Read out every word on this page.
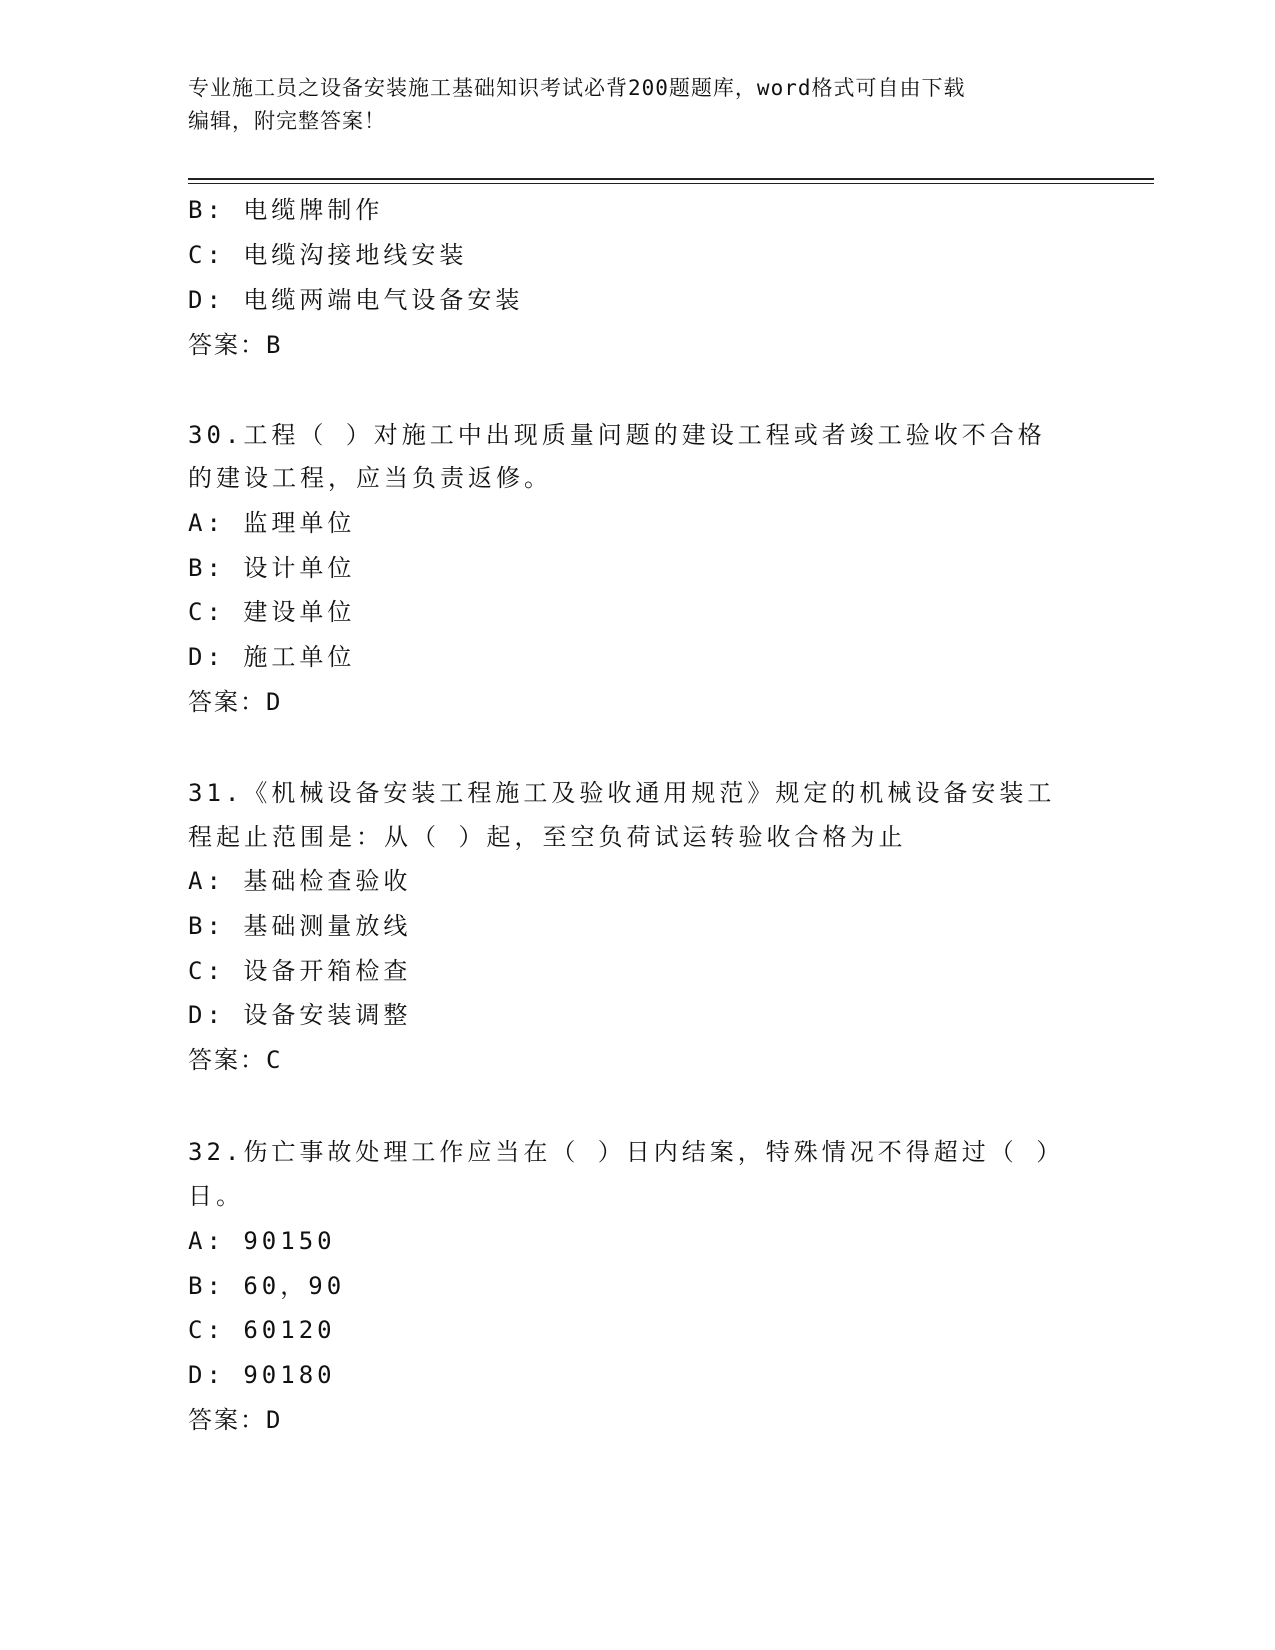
专业施工员之设备安装施工基础知识考试必背200题题库，word格式可自由下载
编辑，附完整答案！
B: 电缆牌制作
C: 电缆沟接地线安装
D: 电缆两端电气设备安装
答案：B
30.工程（ ）对施工中出现质量问题的建设工程或者竣工验收不合格
的建设工程，应当负责返修。
A: 监理单位
B: 设计单位
C: 建设单位
D: 施工单位
答案：D
31.《机械设备安装工程施工及验收通用规范》规定的机械设备安装工
程起止范围是：从（ ）起，至空负荷试运转验收合格为止
A: 基础检查验收
B: 基础测量放线
C: 设备开箱检查
D: 设备安装调整
答案：C
32.伤亡事故处理工作应当在（ ）日内结案，特殊情况不得超过（ ）
日。
A: 90150
B: 60，90
C: 60120
D: 90180
答案：D
